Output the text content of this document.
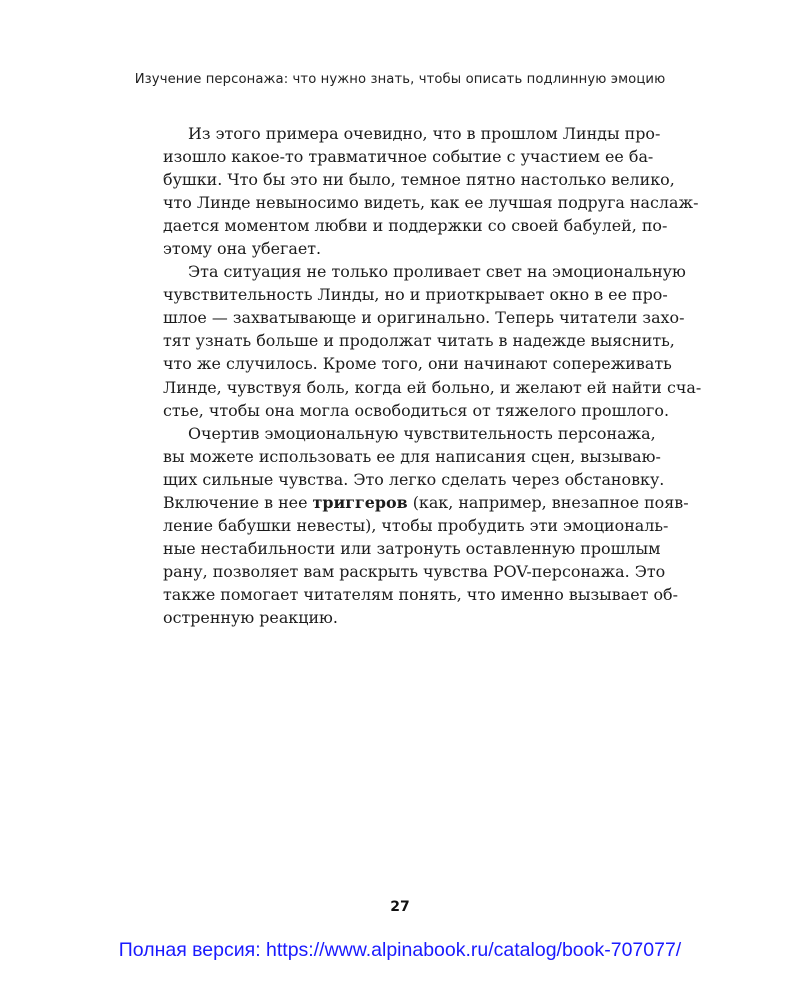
Изучение персонажа: что нужно знать, чтобы описать подлинную эмоцию
Из этого примера очевидно, что в прошлом Линды про-
изошло какое-то травматичное событие с участием ее ба-
бушки. Что бы это ни было, темное пятно настолько велико,
что Линде невыносимо видеть, как ее лучшая подруга наслаж-
дается моментом любви и поддержки со своей бабулей, по-
этому она убегает.
Эта ситуация не только проливает свет на эмоциональную
чувствительность Линды, но и приоткрывает окно в ее про-
шлое — захватывающе и оригинально. Теперь читатели захо-
тят узнать больше и продолжат читать в надежде выяснить,
что же случилось. Кроме того, они начинают сопереживать
Линде, чувствуя боль, когда ей больно, и желают ей найти сча-
стье, чтобы она могла освободиться от тяжелого прошлого.
Очертив эмоциональную чувствительность персонажа,
вы можете использовать ее для написания сцен, вызываю-
щих сильные чувства. Это легко сделать через обстановку.
Включение в нее триггеров (как, например, внезапное появ-
ление бабушки невесты), чтобы пробудить эти эмоциональ-
ные нестабильности или затронуть оставленную прошлым
рану, позволяет вам раскрыть чувства POV-персонажа. Это
также помогает читателям понять, что именно вызывает об-
остренную реакцию.
27
Полная версия: https://www.alpinabook.ru/catalog/book-707077/
